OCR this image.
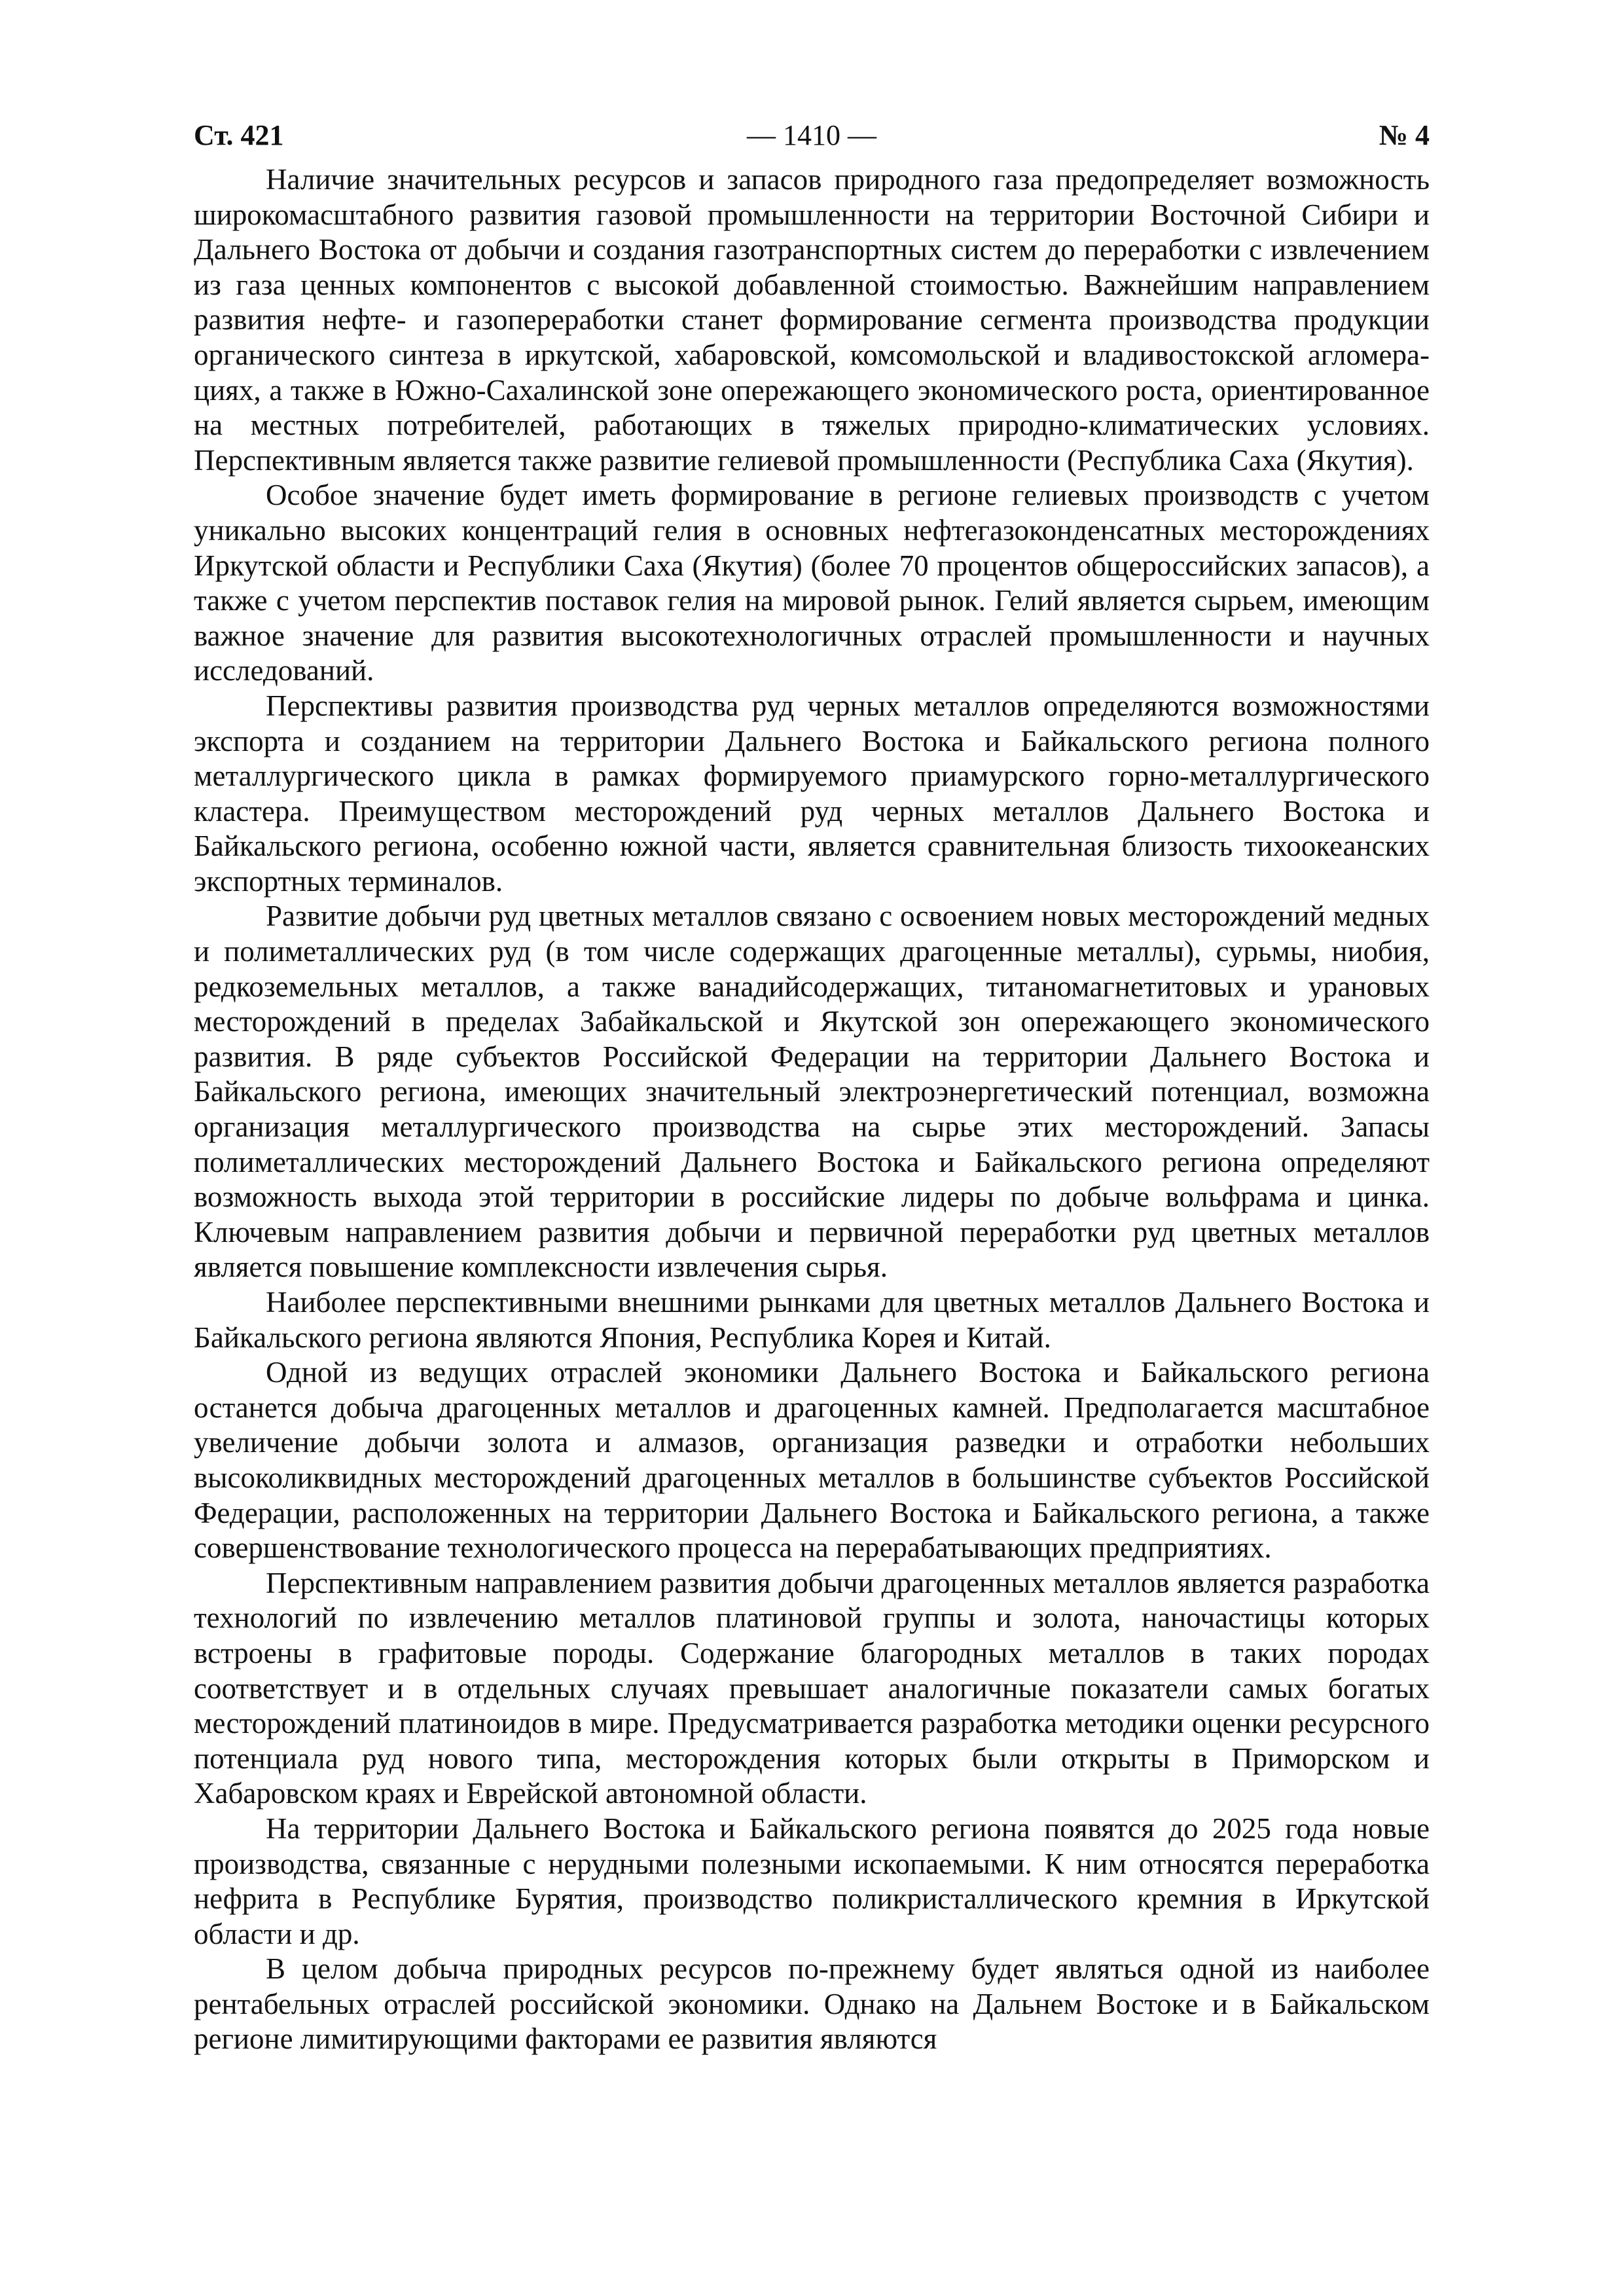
Ст. 421	— 1410 —	№ 4

Наличие значительных ресурсов и запасов природного газа предопределяет возможность широкомасштабного развития газовой промышленности на территории Восточной Сибири и Дальнего Востока от добычи и создания газотранспортных систем до переработки с извлечением из газа ценных компонентов с высокой добавленной стоимостью. Важнейшим направлением развития нефте- и газопереработки станет формирование сегмента производства продукции органического синтеза в иркутской, хабаровской, комсомольской и владивостокской агломерациях, а также в Южно-Сахалинской зоне опережающего экономического роста, ориентированное на местных потребителей, работающих в тяжелых природно-климатических условиях. Перспективным является также развитие гелиевой промышленности (Республика Саха (Якутия).

Особое значение будет иметь формирование в регионе гелиевых производств с учетом уникально высоких концентраций гелия в основных нефтегазоконденсатных месторождениях Иркутской области и Республики Саха (Якутия) (более 70 процентов общероссийских запасов), а также с учетом перспектив поставок гелия на мировой рынок. Гелий является сырьем, имеющим важное значение для развития высокотехнологичных отраслей промышленности и научных исследований.

Перспективы развития производства руд черных металлов определяются возможностями экспорта и созданием на территории Дальнего Востока и Байкальского региона полного металлургического цикла в рамках формируемого приамурского горно-металлургического кластера. Преимуществом месторождений руд черных металлов Дальнего Востока и Байкальского региона, особенно южной части, является сравнительная близость тихоокеанских экспортных терминалов.

Развитие добычи руд цветных металлов связано с освоением новых месторождений медных и полиметаллических руд (в том числе содержащих драгоценные металлы), сурьмы, ниобия, редкоземельных металлов, а также ванадийсодержащих, титаномагнетитовых и урановых месторождений в пределах Забайкальской и Якутской зон опережающего экономического развития. В ряде субъектов Российской Федерации на территории Дальнего Востока и Байкальского региона, имеющих значительный электроэнергетический потенциал, возможна организация металлургического производства на сырье этих месторождений. Запасы полиметаллических месторождений Дальнего Востока и Байкальского региона определяют возможность выхода этой территории в российские лидеры по добыче вольфрама и цинка. Ключевым направлением развития добычи и первичной переработки руд цветных металлов является повышение комплексности извлечения сырья.

Наиболее перспективными внешними рынками для цветных металлов Дальнего Востока и Байкальского региона являются Япония, Республика Корея и Китай.

Одной из ведущих отраслей экономики Дальнего Востока и Байкальского региона останется добыча драгоценных металлов и драгоценных камней. Предполагается масштабное увеличение добычи золота и алмазов, организация разведки и отработки небольших высоколиквидных месторождений драгоценных металлов в большинстве субъектов Российской Федерации, расположенных на территории Дальнего Востока и Байкальского региона, а также совершенствование технологического процесса на перерабатывающих предприятиях.

Перспективным направлением развития добычи драгоценных металлов является разработка технологий по извлечению металлов платиновой группы и золота, наночастицы которых встроены в графитовые породы. Содержание благородных металлов в таких породах соответствует и в отдельных случаях превышает аналогичные показатели самых богатых месторождений платиноидов в мире. Предусматривается разработка методики оценки ресурсного потенциала руд нового типа, месторождения которых были открыты в Приморском и Хабаровском краях и Еврейской автономной области.

На территории Дальнего Востока и Байкальского региона появятся до 2025 года новые производства, связанные с нерудными полезными ископаемыми. К ним относятся переработка нефрита в Республике Бурятия, производство поликристаллического кремния в Иркутской области и др.

В целом добыча природных ресурсов по-прежнему будет являться одной из наиболее рентабельных отраслей российской экономики. Однако на Дальнем Востоке и в Байкальском регионе лимитирующими факторами ее развития являются
